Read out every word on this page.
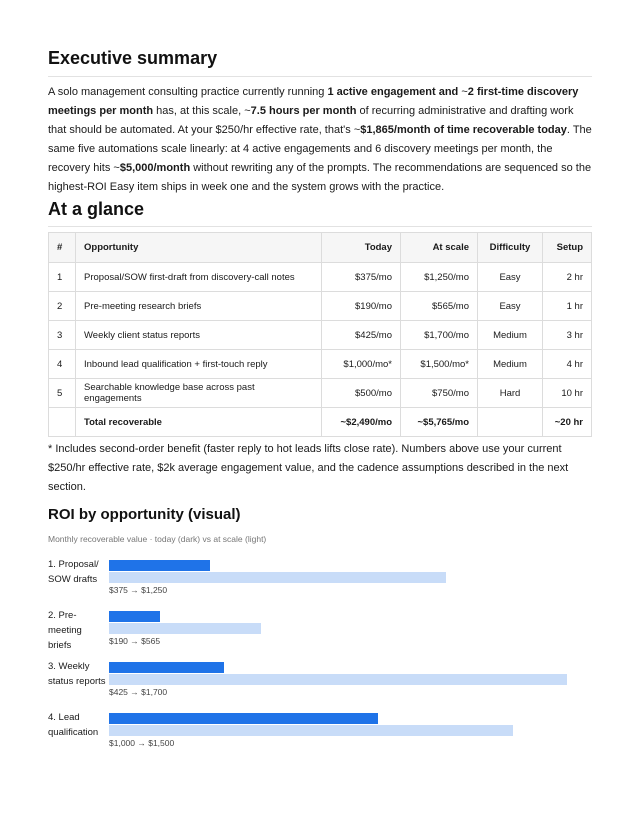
Executive summary

A solo management consulting practice currently running 1 active engagement and ~2 first-time discovery meetings per month has, at this scale, ~7.5 hours per month of recurring administrative and drafting work that should be automated. At your $250/hr effective rate, that's ~$1,865/month of time recoverable today. The same five automations scale linearly: at 4 active engagements and 6 discovery meetings per month, the recovery hits ~$5,000/month without rewriting any of the prompts. The recommendations are sequenced so the highest-ROI Easy item ships in week one and the system grows with the practice.

At a glance
#	Opportunity	Today	At scale	Difficulty	Setup
1	Proposal/SOW first-draft from discovery-call notes	$375/mo	$1,250/mo	Easy	2 hr
2	Pre-meeting research briefs	$190/mo	$565/mo	Easy	1 hr
3	Weekly client status reports	$425/mo	$1,700/mo	Medium	3 hr
4	Inbound lead qualification + first-touch reply	$1,000/mo*	$1,500/mo*	Medium	4 hr
5	Searchable knowledge base across past engagements	$500/mo	$750/mo	Hard	10 hr
	Total recoverable	~$2,490/mo	~$5,765/mo		~20 hr

* Includes second-order benefit (faster reply to hot leads lifts close rate). Numbers above use your current $250/hr effective rate, $2k average engagement value, and the cadence assumptions described in the next section.

ROI by opportunity (visual)

Monthly recoverable value · today (dark) vs at scale (light)

1. Proposal/ SOW drafts
$375 → $1,250
2. Pre- meeting briefs	$190 → $565
3. Weekly status reports
$425 → $1,700
4. Lead qualification
$1,000 → $1,500
